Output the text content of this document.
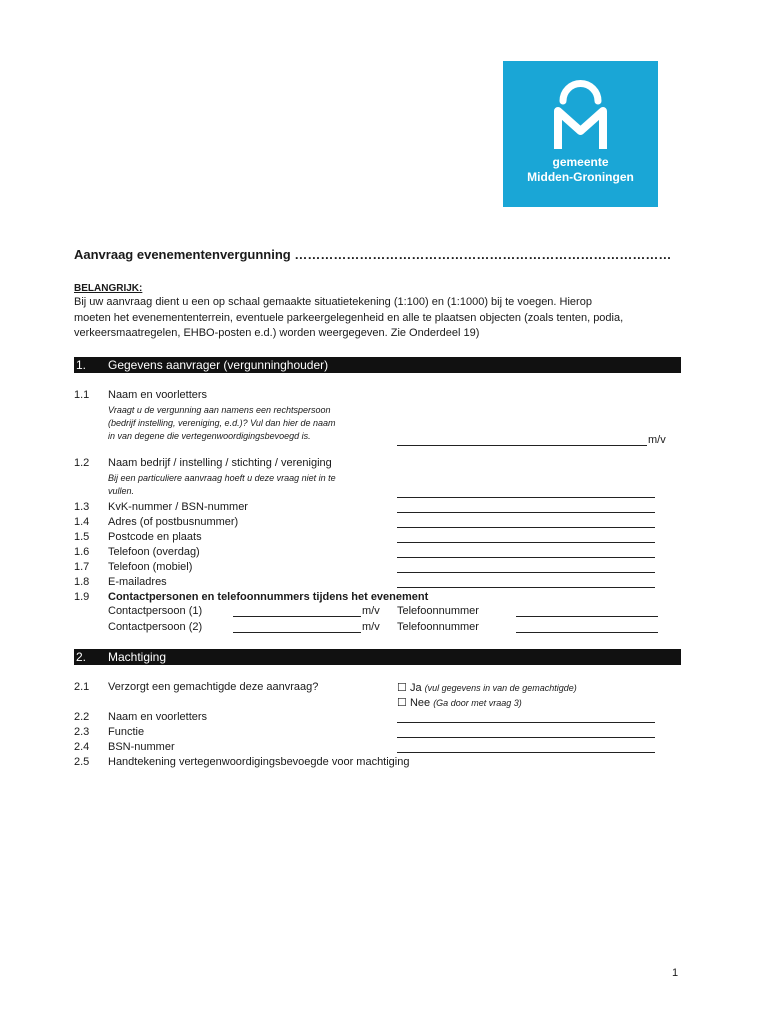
gemeente
Midden-Groningen
Aanvraag evenementenvergunning ……………………………………………………………………………
BELANGRIJK:
Bij uw aanvraag dient u een op schaal gemaakte situatietekening (1:100) en (1:1000) bij te voegen. Hierop
moeten het evenemententerrein, eventuele parkeergelegenheid en alle te plaatsen objecten (zoals tenten, podia,
verkeersmaatregelen, EHBO-posten e.d.) worden weergegeven. Zie Onderdeel 19)
1. Gegevens aanvrager (vergunninghouder)
1.1 Naam en voorletters
Vraagt u de vergunning aan namens een rechtspersoon
(bedrijf instelling, vereniging, e.d.)? Vul dan hier de naam
in van degene die vertegenwoordigingsbevoegd is.	m/v
1.2 Naam bedrijf / instelling / stichting / vereniging
Bij een particuliere aanvraag hoeft u deze vraag niet in te
vullen.
1.3 KvK-nummer / BSN-nummer
1.4 Adres (of postbusnummer)
1.5 Postcode en plaats
1.6 Telefoon (overdag)
1.7 Telefoon (mobiel)
1.8 E-mailadres
1.9 Contactpersonen en telefoonnummers tijdens het evenement
Contactpersoon (1)	m/v Telefoonnummer
Contactpersoon (2)	m/v Telefoonnummer
2. Machtiging
2.1 Verzorgt een gemachtigde deze aanvraag?	☐ Ja (vul gegevens in van de gemachtigde)
☐ Nee (Ga door met vraag 3)
2.2 Naam en voorletters
2.3 Functie
2.4 BSN-nummer
2.5 Handtekening vertegenwoordigingsbevoegde voor machtiging
1
